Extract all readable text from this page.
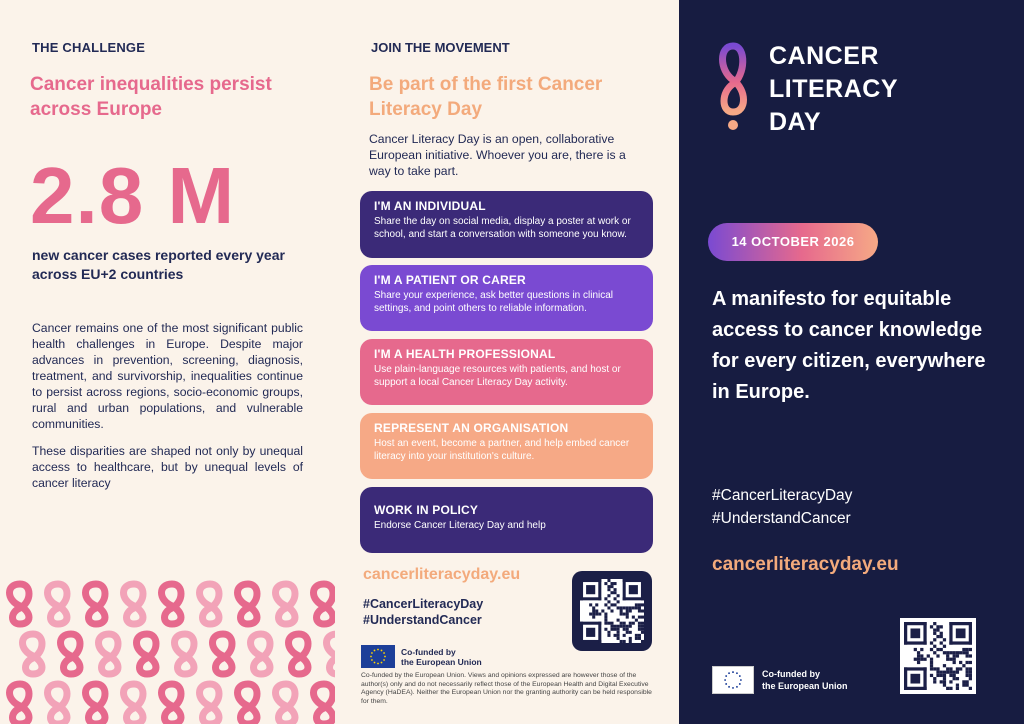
THE CHALLENGE
Cancer inequalities persist across Europe
2.8 M
new cancer cases reported every year across EU+2 countries

Cancer remains one of the most significant public health challenges in Europe. Despite major advances in prevention, screening, diagnosis, treatment, and survivorship, inequalities continue to persist across regions, socio-economic groups, rural and urban populations, and vulnerable communities.

These disparities are shaped not only by unequal access to healthcare, but by unequal levels of cancer literacy

JOIN THE MOVEMENT
Be part of the first Cancer Literacy Day

Cancer Literacy Day is an open, collaborative European initiative. Whoever you are, there is a way to take part.

I'M AN INDIVIDUAL
Share the day on social media, display a poster at work or school, and start a conversation with someone you know.
I'M A PATIENT OR CARER
Share your experience, ask better questions in clinical settings, and point others to reliable information.
I'M A HEALTH PROFESSIONAL
Use plain-language resources with patients, and host or support a local Cancer Literacy Day activity.
REPRESENT AN ORGANISATION
Host an event, become a partner, and help embed cancer literacy into your institution's culture.
WORK IN POLICY
Endorse Cancer Literacy Day and help
cancerliteracyday.eu
#CancerLiteracyDay
#UnderstandCancer
Co-funded by
the European Union

Co-funded by the European Union. Views and opinions expressed are however those of the author(s) only and do not necessarily reflect those of the European Health and Digital Executive Agency (HaDEA). Neither the European Union nor the granting authority can be held responsible for them.

CANCER
LITERACY
DAY
14 OCTOBER 2026
A manifesto for equitable access to cancer knowledge for every citizen, everywhere in Europe.
#CancerLiteracyDay
#UnderstandCancer
cancerliteracyday.eu
Co-funded by
the European Union
